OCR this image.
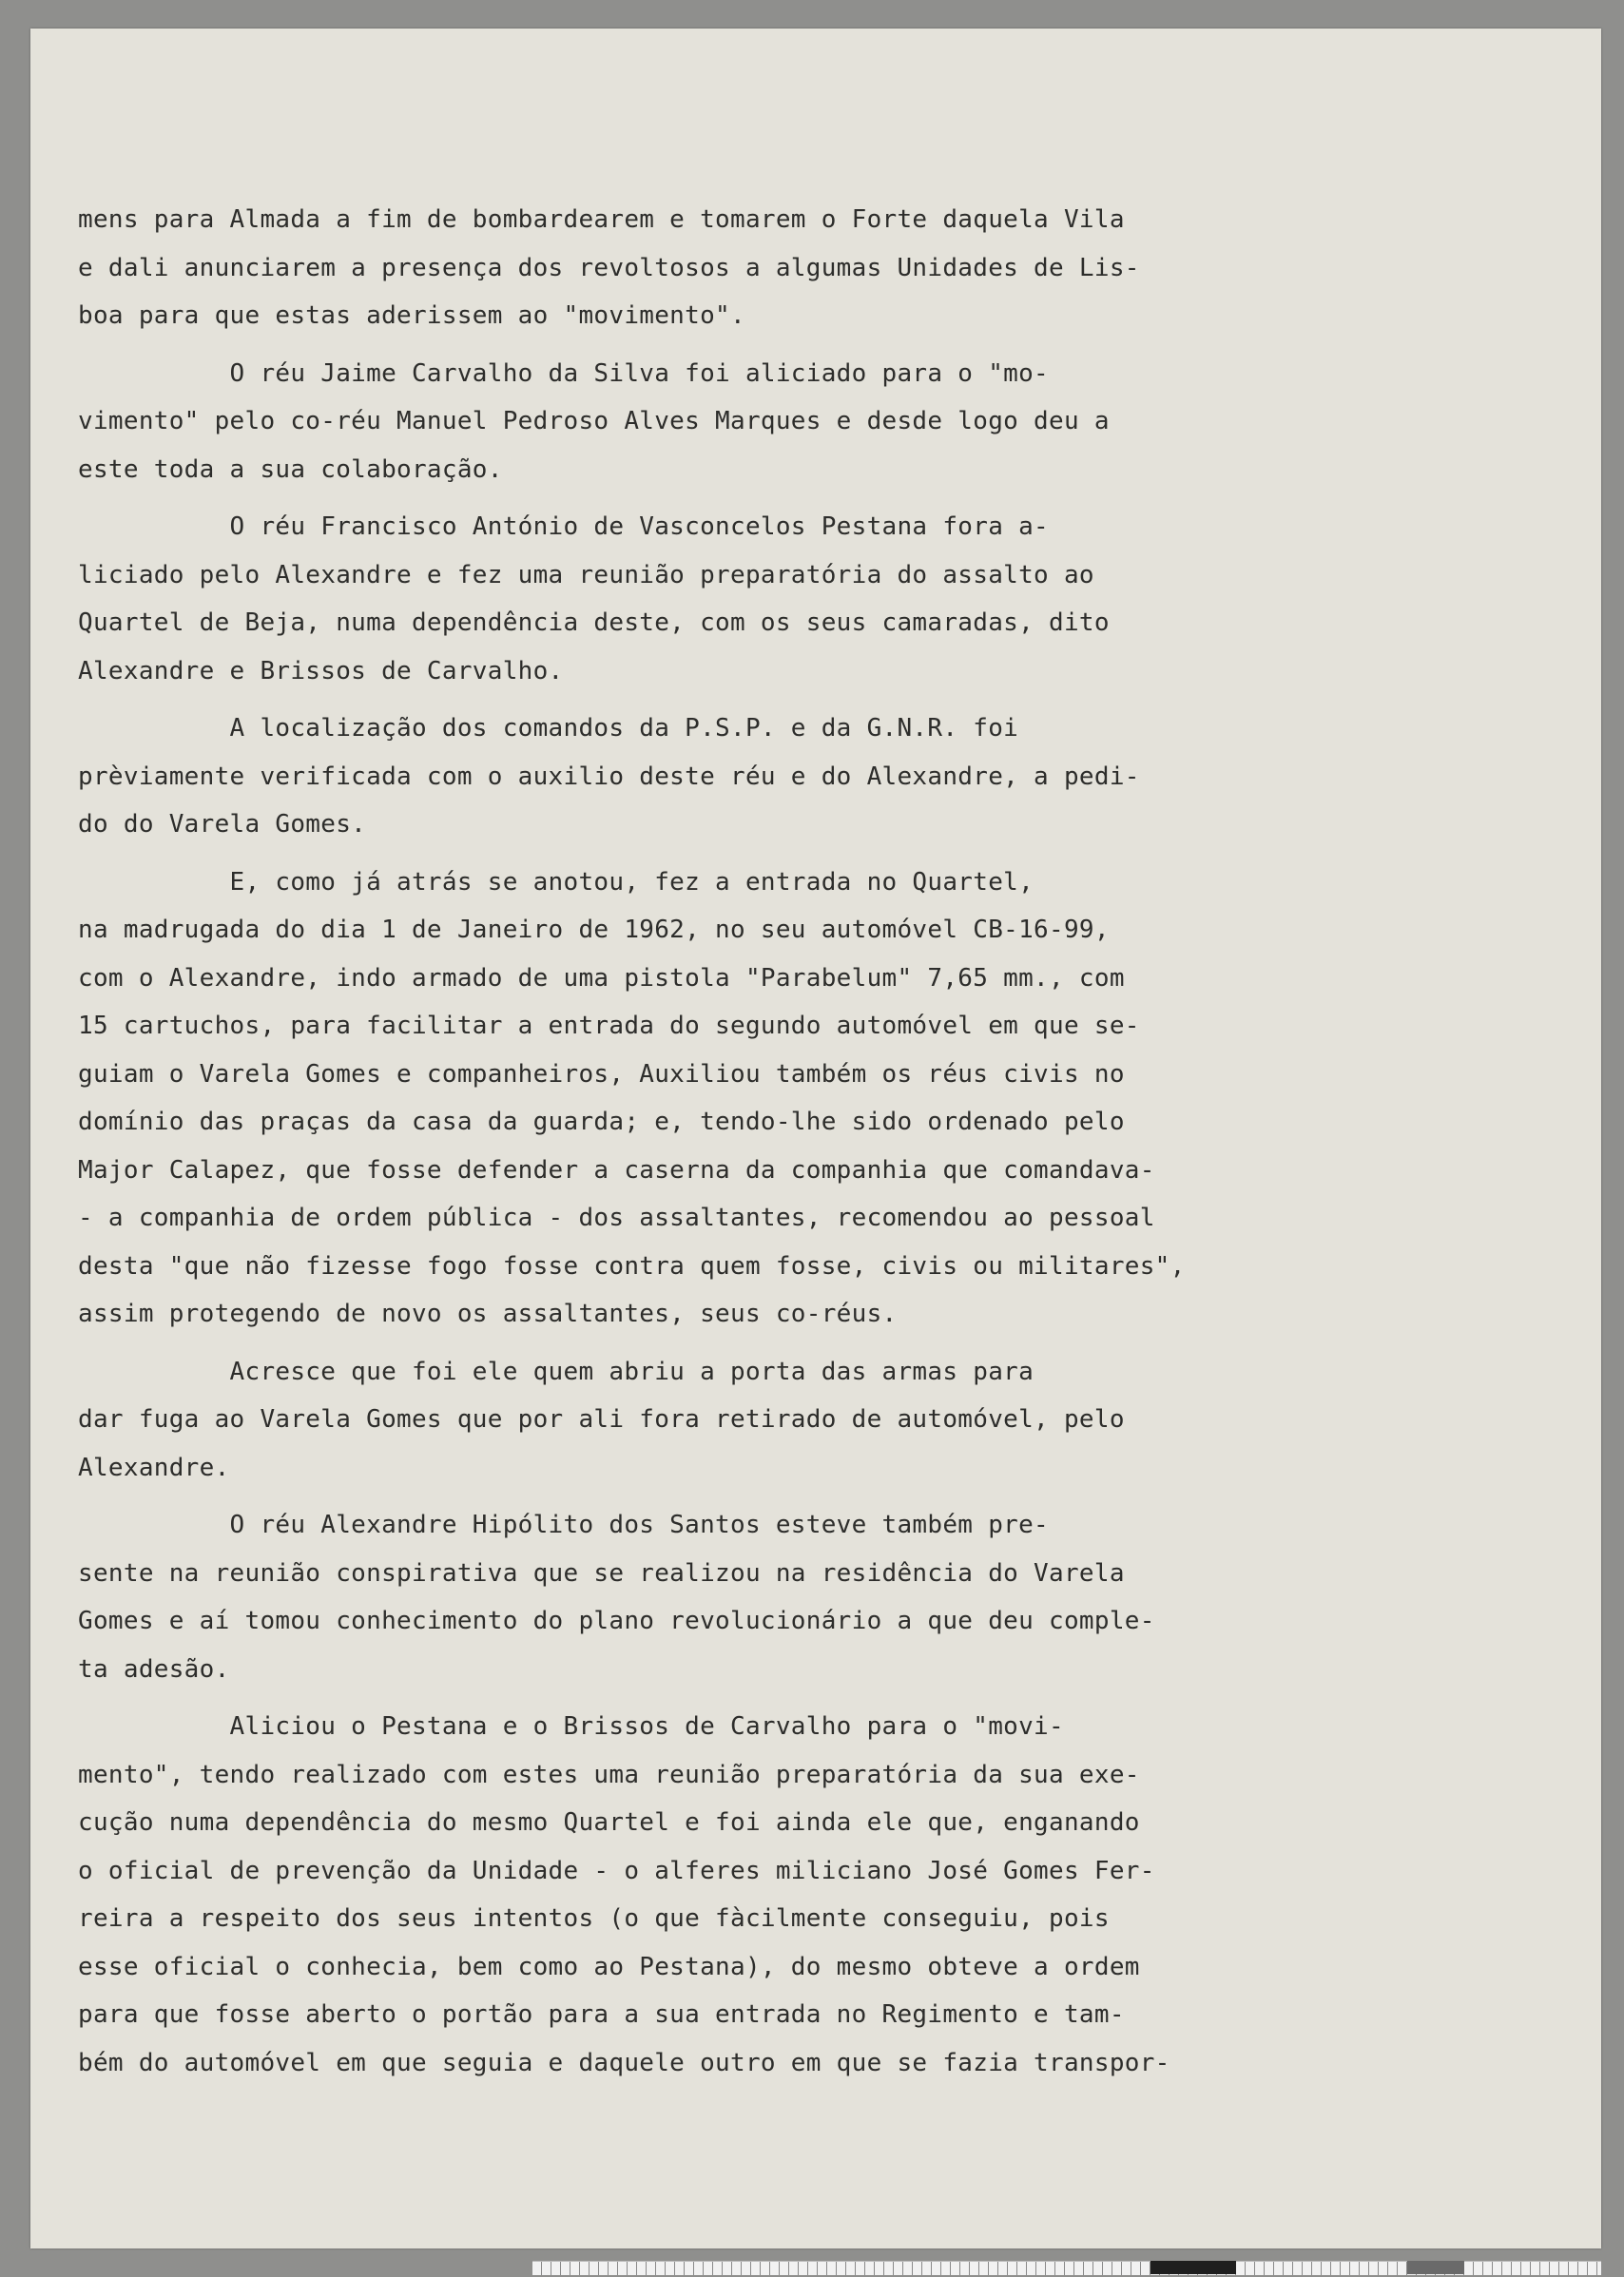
mens para Almada a fim de bombardearem e tomarem o Forte daquela Vila
e dali anunciarem a presença dos revoltosos a algumas Unidades de Lis-
boa para que estas aderissem ao "movimento".
O réu Jaime Carvalho da Silva foi aliciado para o "mo-
vimento" pelo co-réu Manuel Pedroso Alves Marques e desde logo deu a
este toda a sua colaboração.
O réu Francisco António de Vasconcelos Pestana fora a-
liciado pelo Alexandre e fez uma reunião preparatória do assalto ao
Quartel de Beja, numa dependência deste, com os seus camaradas, dito
Alexandre e Brissos de Carvalho.
A localização dos comandos da P.S.P. e da G.N.R. foi
prèviamente verificada com o auxilio deste réu e do Alexandre, a pedi-
do do Varela Gomes.
E, como já atrás se anotou, fez a entrada no Quartel,
na madrugada do dia 1 de Janeiro de 1962, no seu automóvel CB-16-99,
com o Alexandre, indo armado de uma pistola "Parabelum" 7,65 mm., com
15 cartuchos, para facilitar a entrada do segundo automóvel em que se-
guiam o Varela Gomes e companheiros, Auxiliou também os réus civis no
domínio das praças da casa da guarda; e, tendo-lhe sido ordenado pelo
Major Calapez, que fosse defender a caserna da companhia que comandava-
- a companhia de ordem pública - dos assaltantes, recomendou ao pessoal
desta "que não fizesse fogo fosse contra quem fosse, civis ou militares",
assim protegendo de novo os assaltantes, seus co-réus.
Acresce que foi ele quem abriu a porta das armas para
dar fuga ao Varela Gomes que por ali fora retirado de automóvel, pelo
Alexandre.
O réu Alexandre Hipólito dos Santos esteve também pre-
sente na reunião conspirativa que se realizou na residência do Varela
Gomes e aí tomou conhecimento do plano revolucionário a que deu comple-
ta adesão.
Aliciou o Pestana e o Brissos de Carvalho para o "movi-
mento", tendo realizado com estes uma reunião preparatória da sua exe-
cução numa dependência do mesmo Quartel e foi ainda ele que, enganando
o oficial de prevenção da Unidade - o alferes miliciano José Gomes Fer-
reira a respeito dos seus intentos (o que fàcilmente conseguiu, pois
esse oficial o conhecia, bem como ao Pestana), do mesmo obteve a ordem
para que fosse aberto o portão para a sua entrada no Regimento e tam-
bém do automóvel em que seguia e daquele outro em que se fazia transpor-
